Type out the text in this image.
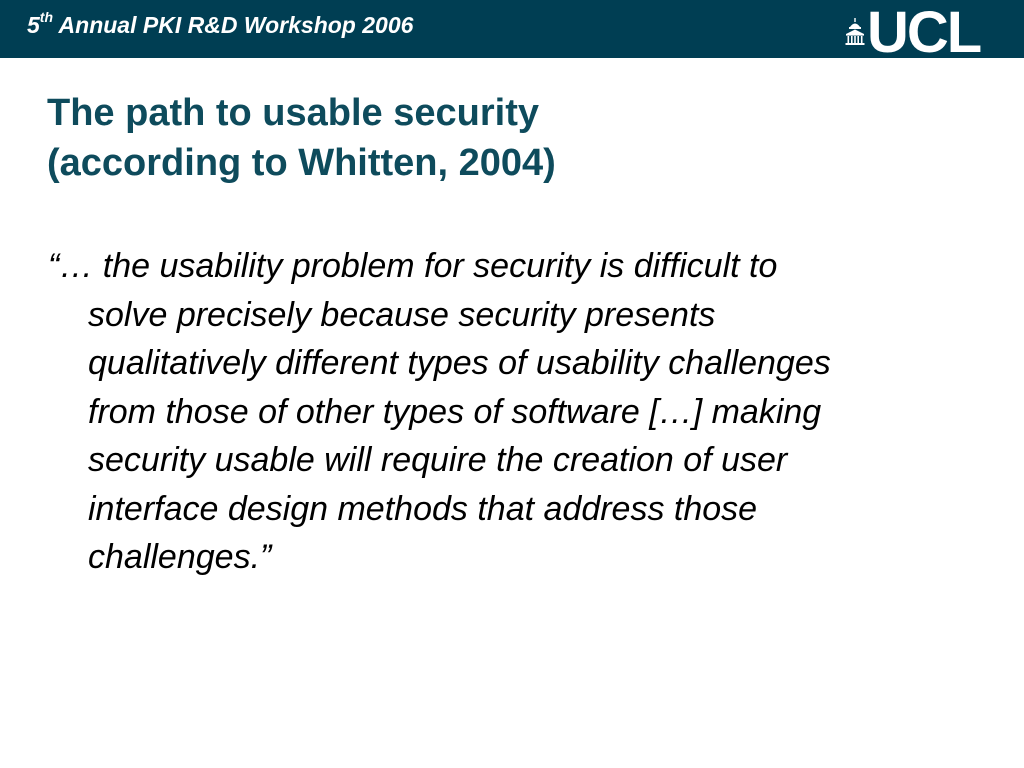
5th Annual PKI R&D Workshop 2006	UCL
The path to usable security
(according to Whitten, 2004)

“… the usability problem for security is difficult to
solve precisely because security presents
qualitatively different types of usability challenges
from those of other types of software […] making
security usable will require the creation of user
interface design methods that address those
challenges.”
